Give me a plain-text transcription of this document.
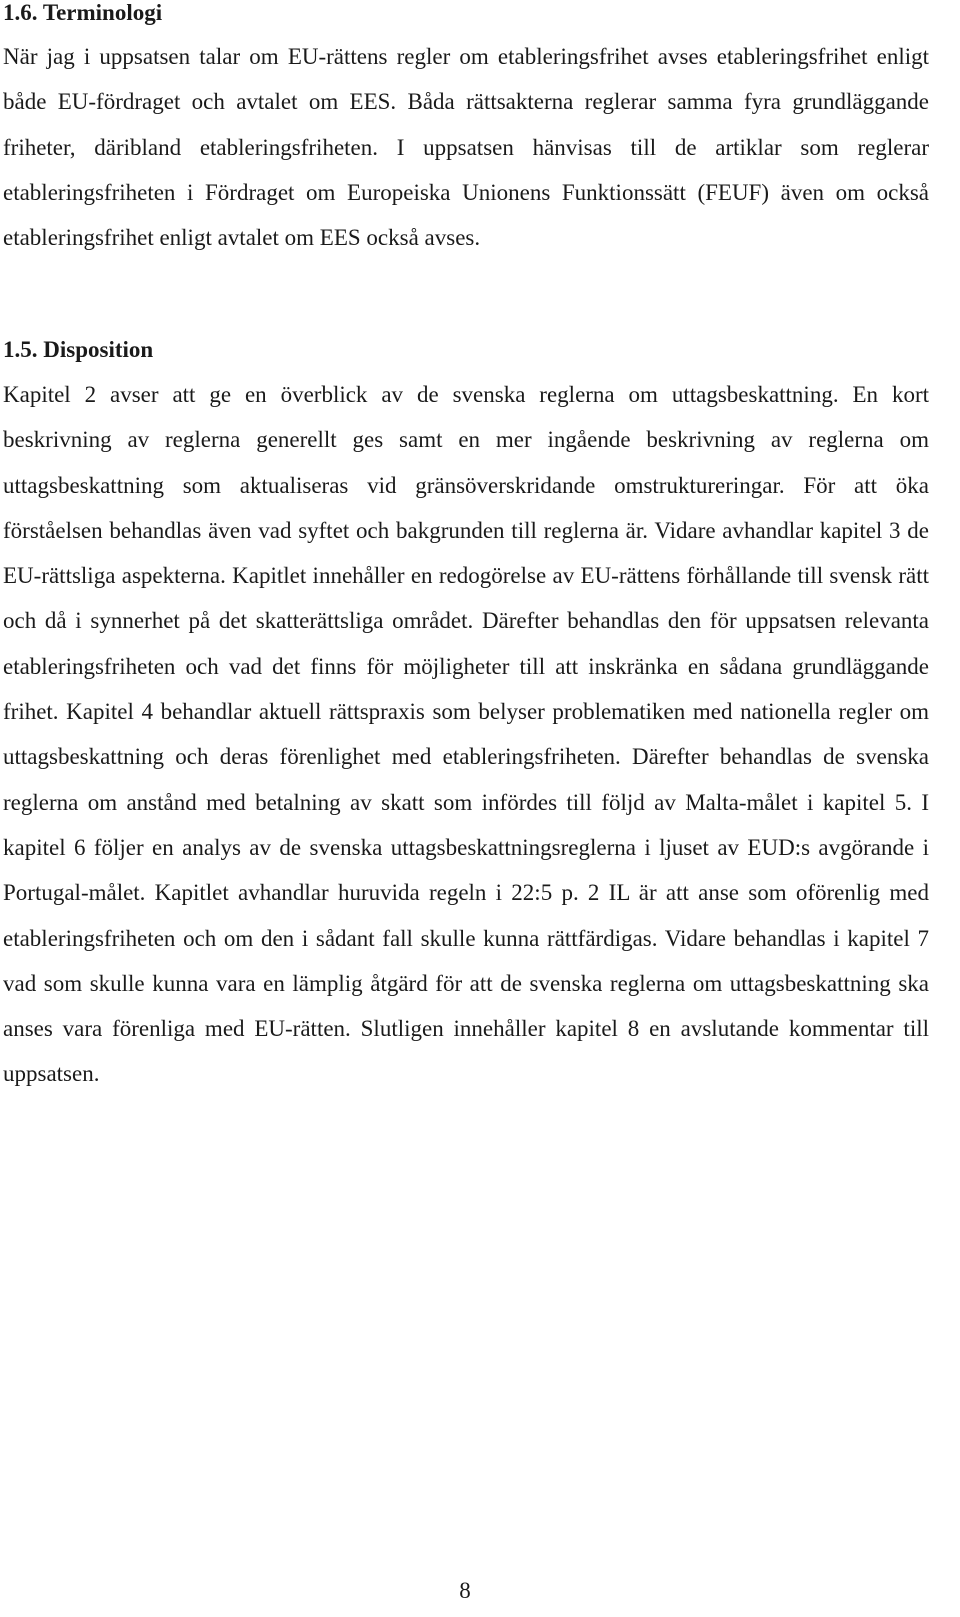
1.6. Terminologi

När jag i uppsatsen talar om EU-rättens regler om etableringsfrihet avses etableringsfrihet enligt både EU-fördraget och avtalet om EES. Båda rättsakterna reglerar samma fyra grundläggande friheter, däribland etableringsfriheten. I uppsatsen hänvisas till de artiklar som reglerar etableringsfriheten i Fördraget om Europeiska Unionens Funktionssätt (FEUF) även om också etableringsfrihet enligt avtalet om EES också avses.

1.5. Disposition

Kapitel 2 avser att ge en överblick av de svenska reglerna om uttagsbeskattning. En kort beskrivning av reglerna generellt ges samt en mer ingående beskrivning av reglerna om uttagsbeskattning som aktualiseras vid gränsöverskridande omstruktureringar. För att öka förståelsen behandlas även vad syftet och bakgrunden till reglerna är. Vidare avhandlar kapitel 3 de EU-rättsliga aspekterna. Kapitlet innehåller en redogörelse av EU-rättens förhållande till svensk rätt och då i synnerhet på det skatterättsliga området. Därefter behandlas den för uppsatsen relevanta etableringsfriheten och vad det finns för möjligheter till att inskränka en sådana grundläggande frihet. Kapitel 4 behandlar aktuell rättspraxis som belyser problematiken med nationella regler om uttagsbeskattning och deras förenlighet med etableringsfriheten. Därefter behandlas de svenska reglerna om anstånd med betalning av skatt som infördes till följd av Malta-målet i kapitel 5. I kapitel 6 följer en analys av de svenska uttagsbeskattningsreglerna i ljuset av EUD:s avgörande i Portugal-målet. Kapitlet avhandlar huruvida regeln i 22:5 p. 2 IL är att anse som oförenlig med etableringsfriheten och om den i sådant fall skulle kunna rättfärdigas. Vidare behandlas i kapitel 7 vad som skulle kunna vara en lämplig åtgärd för att de svenska reglerna om uttagsbeskattning ska anses vara förenliga med EU-rätten. Slutligen innehåller kapitel 8 en avslutande kommentar till uppsatsen.

8
